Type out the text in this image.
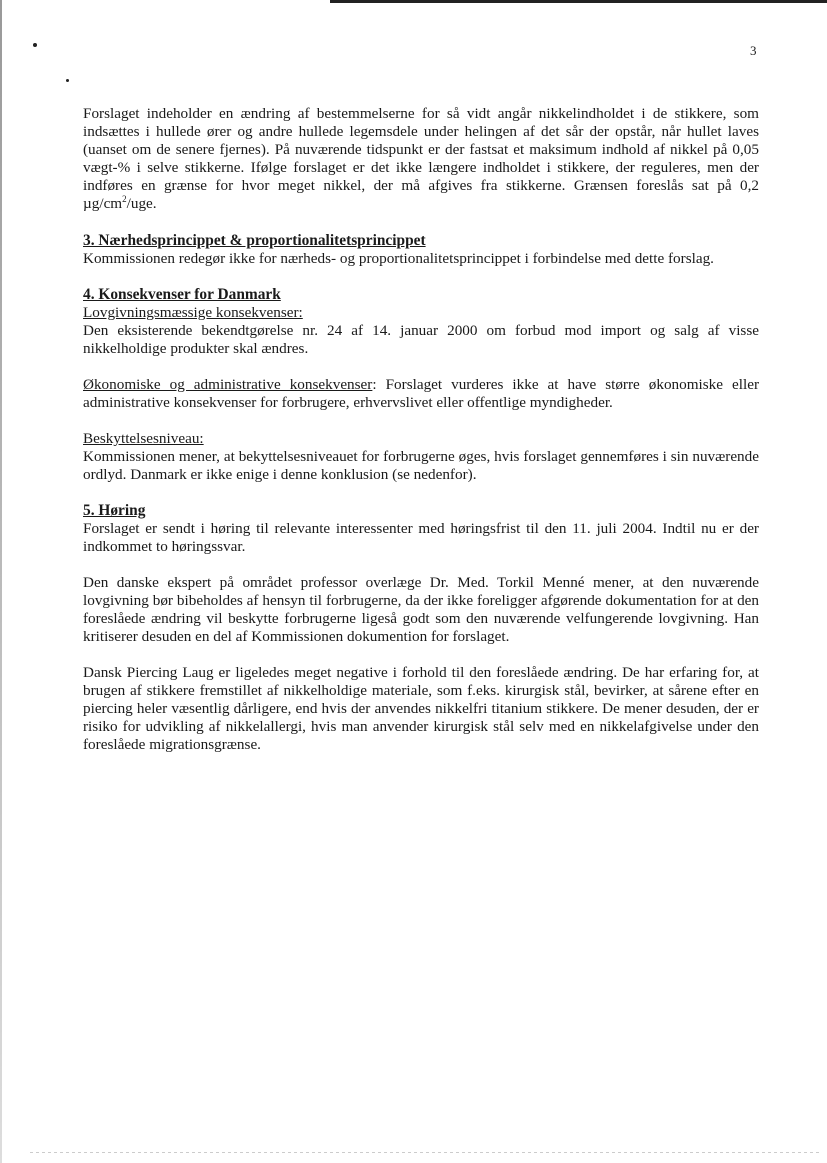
3

Forslaget indeholder en ændring af bestemmelserne for så vidt angår nikkelindholdet i de stikkere, som indsættes i hullede ører og andre hullede legemsdele under helingen af det sår der opstår, når hullet laves (uanset om de senere fjernes). På nuværende tidspunkt er der fastsat et maksimum indhold af nikkel på 0,05 vægt-% i selve stikkerne. Ifølge forslaget er det ikke længere indholdet i stikkere, der reguleres, men der indføres en grænse for hvor meget nikkel, der må afgives fra stikkerne. Grænsen foreslås sat på 0,2 $\mu g/cm^2$/uge.

3. Nærhedsprincippet & proportionalitetsprincippet

Kommissionen redegør ikke for nærheds- og proportionalitetsprincippet i forbindelse med dette forslag.

4. Konsekvenser for Danmark
Lovgivningsmæssige konsekvenser:

Den eksisterende bekendtgørelse nr. 24 af 14. januar 2000 om forbud mod import og salg af visse nikkelholdige produkter skal ændres.

Økonomiske og administrative konsekvenser: Forslaget vurderes ikke at have større økonomiske eller administrative konsekvenser for forbrugere, erhvervslivet eller offentlige myndigheder.

Beskyttelsesniveau:

Kommissionen mener, at bekyttelsesniveauet for forbrugerne øges, hvis forslaget gennemføres i sin nuværende ordlyd. Danmark er ikke enige i denne konklusion (se nedenfor).

5. Høring

Forslaget er sendt i høring til relevante interessenter med høringsfrist til den 11. juli 2004. Indtil nu er der indkommet to høringssvar.

Den danske ekspert på området professor overlæge Dr. Med. Torkil Menné mener, at den nuværende lovgivning bør bibeholdes af hensyn til forbrugerne, da der ikke foreligger afgørende dokumentation for at den foreslåede ændring vil beskytte forbrugerne ligeså godt som den nuværende velfungerende lovgivning. Han kritiserer desuden en del af Kommissionen dokumention for forslaget.

Dansk Piercing Laug er ligeledes meget negative i forhold til den foreslåede ændring. De har erfaring for, at brugen af stikkere fremstillet af nikkelholdige materiale, som f.eks. kirurgisk stål, bevirker, at sårene efter en piercing heler væsentlig dårligere, end hvis der anvendes nikkelfri titanium stikkere. De mener desuden, der er risiko for udvikling af nikkelallergi, hvis man anvender kirurgisk stål selv med en nikkelafgivelse under den foreslåede migrationsgrænse.
